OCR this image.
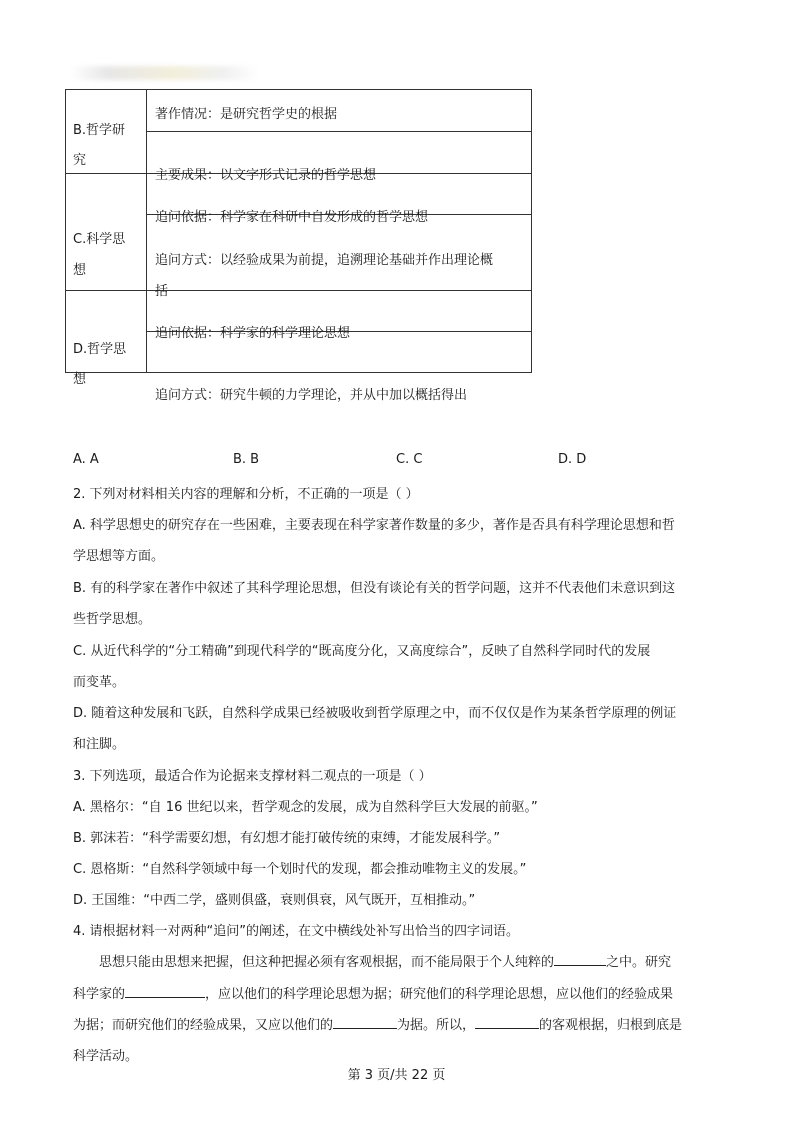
B.哲学研
究
著作情况：是研究哲学史的根据
主要成果：以文字形式记录的哲学思想
C.科学思
想
追问依据：科学家在科研中自发形成的哲学思想
追问方式：以经验成果为前提，追溯理论基础并作出理论概
括
D.哲学思
想
追问依据：科学家的科学理论思想
追问方式：研究牛顿的力学理论，并从中加以概括得出
A. A	B. B	C. C	D. D
2. 下列对材料相关内容的理解和分析，不正确的一项是（ ）
A. 科学思想史的研究存在一些困难，主要表现在科学家著作数量的多少，著作是否具有科学理论思想和哲
学思想等方面。
B. 有的科学家在著作中叙述了其科学理论思想，但没有谈论有关的哲学问题，这并不代表他们未意识到这
些哲学思想。
C. 从近代科学的“分工精确”到现代科学的“既高度分化，又高度综合”，反映了自然科学同时代的发展
而变革。
D. 随着这种发展和飞跃，自然科学成果已经被吸收到哲学原理之中，而不仅仅是作为某条哲学原理的例证
和注脚。
3. 下列选项，最适合作为论据来支撑材料二观点的一项是（ ）
A. 黑格尔：“自 16 世纪以来，哲学观念的发展，成为自然科学巨大发展的前驱。”
B. 郭沫若：“科学需要幻想，有幻想才能打破传统的束缚，才能发展科学。”
C. 恩格斯：“自然科学领域中每一个划时代的发现，都会推动唯物主义的发展。”
D. 王国维：“中西二学，盛则俱盛，衰则俱衰，风气既开，互相推动。”
4. 请根据材料一对两种“追问”的阐述，在文中横线处补写出恰当的四字词语。
思想只能由思想来把握，但这种把握必须有客观根据，而不能局限于个人纯粹的	之中。研究
科学家的	，应以他们的科学理论思想为据；研究他们的科学理论思想，应以他们的经验成果
为据；而研究他们的经验成果，又应以他们的	为据。所以，	的客观根据，归根到底是
科学活动。
第 3 页/共 22 页
